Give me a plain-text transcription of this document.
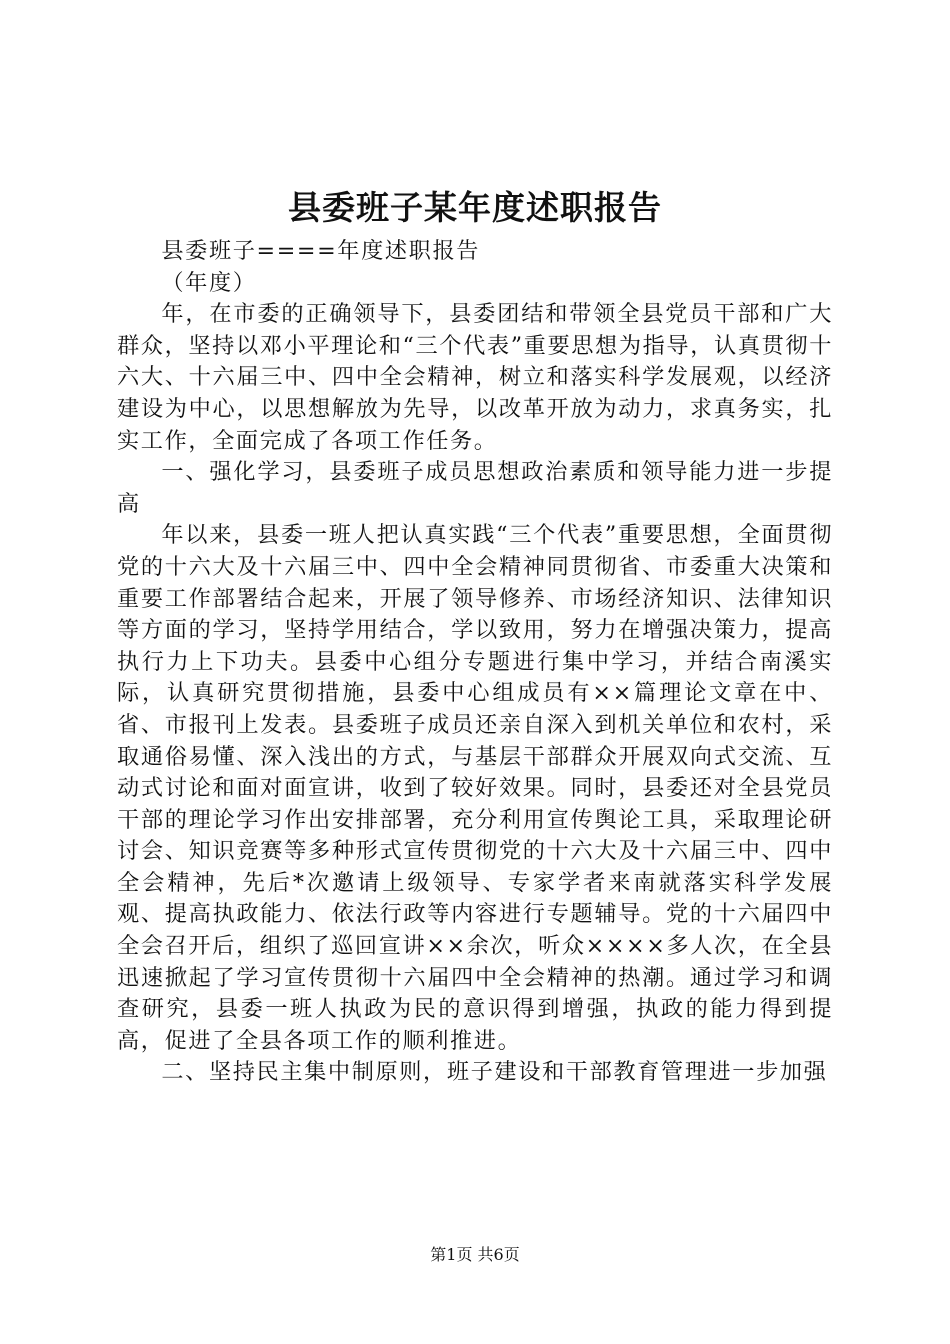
县委班子某年度述职报告

县委班子====年度述职报告

（年度）

年，在市委的正确领导下，县委团结和带领全县党员干部和广大群众，坚持以邓小平理论和“三个代表”重要思想为指导，认真贯彻十六大、十六届三中、四中全会精神，树立和落实科学发展观，以经济建设为中心，以思想解放为先导，以改革开放为动力，求真务实，扎实工作，全面完成了各项工作任务。

一、强化学习，县委班子成员思想政治素质和领导能力进一步提高

年以来，县委一班人把认真实践“三个代表”重要思想，全面贯彻党的十六大及十六届三中、四中全会精神同贯彻省、市委重大决策和重要工作部署结合起来，开展了领导修养、市场经济知识、法律知识等方面的学习，坚持学用结合，学以致用，努力在增强决策力，提高执行力上下功夫。县委中心组分专题进行集中学习，并结合南溪实际，认真研究贯彻措施，县委中心组成员有××篇理论文章在中、省、市报刊上发表。县委班子成员还亲自深入到机关单位和农村，采取通俗易懂、深入浅出的方式，与基层干部群众开展双向式交流、互动式讨论和面对面宣讲，收到了较好效果。同时，县委还对全县党员干部的理论学习作出安排部署，充分利用宣传舆论工具，采取理论研讨会、知识竞赛等多种形式宣传贯彻党的十六大及十六届三中、四中全会精神，先后*次邀请上级领导、专家学者来南就落实科学发展观、提高执政能力、依法行政等内容进行专题辅导。党的十六届四中全会召开后，组织了巡回宣讲××余次，听众××××多人次，在全县迅速掀起了学习宣传贯彻十六届四中全会精神的热潮。通过学习和调查研究，县委一班人执政为民的意识得到增强，执政的能力得到提高，促进了全县各项工作的顺利推进。

二、坚持民主集中制原则，班子建设和干部教育管理进一步加强

第1页 共6页
